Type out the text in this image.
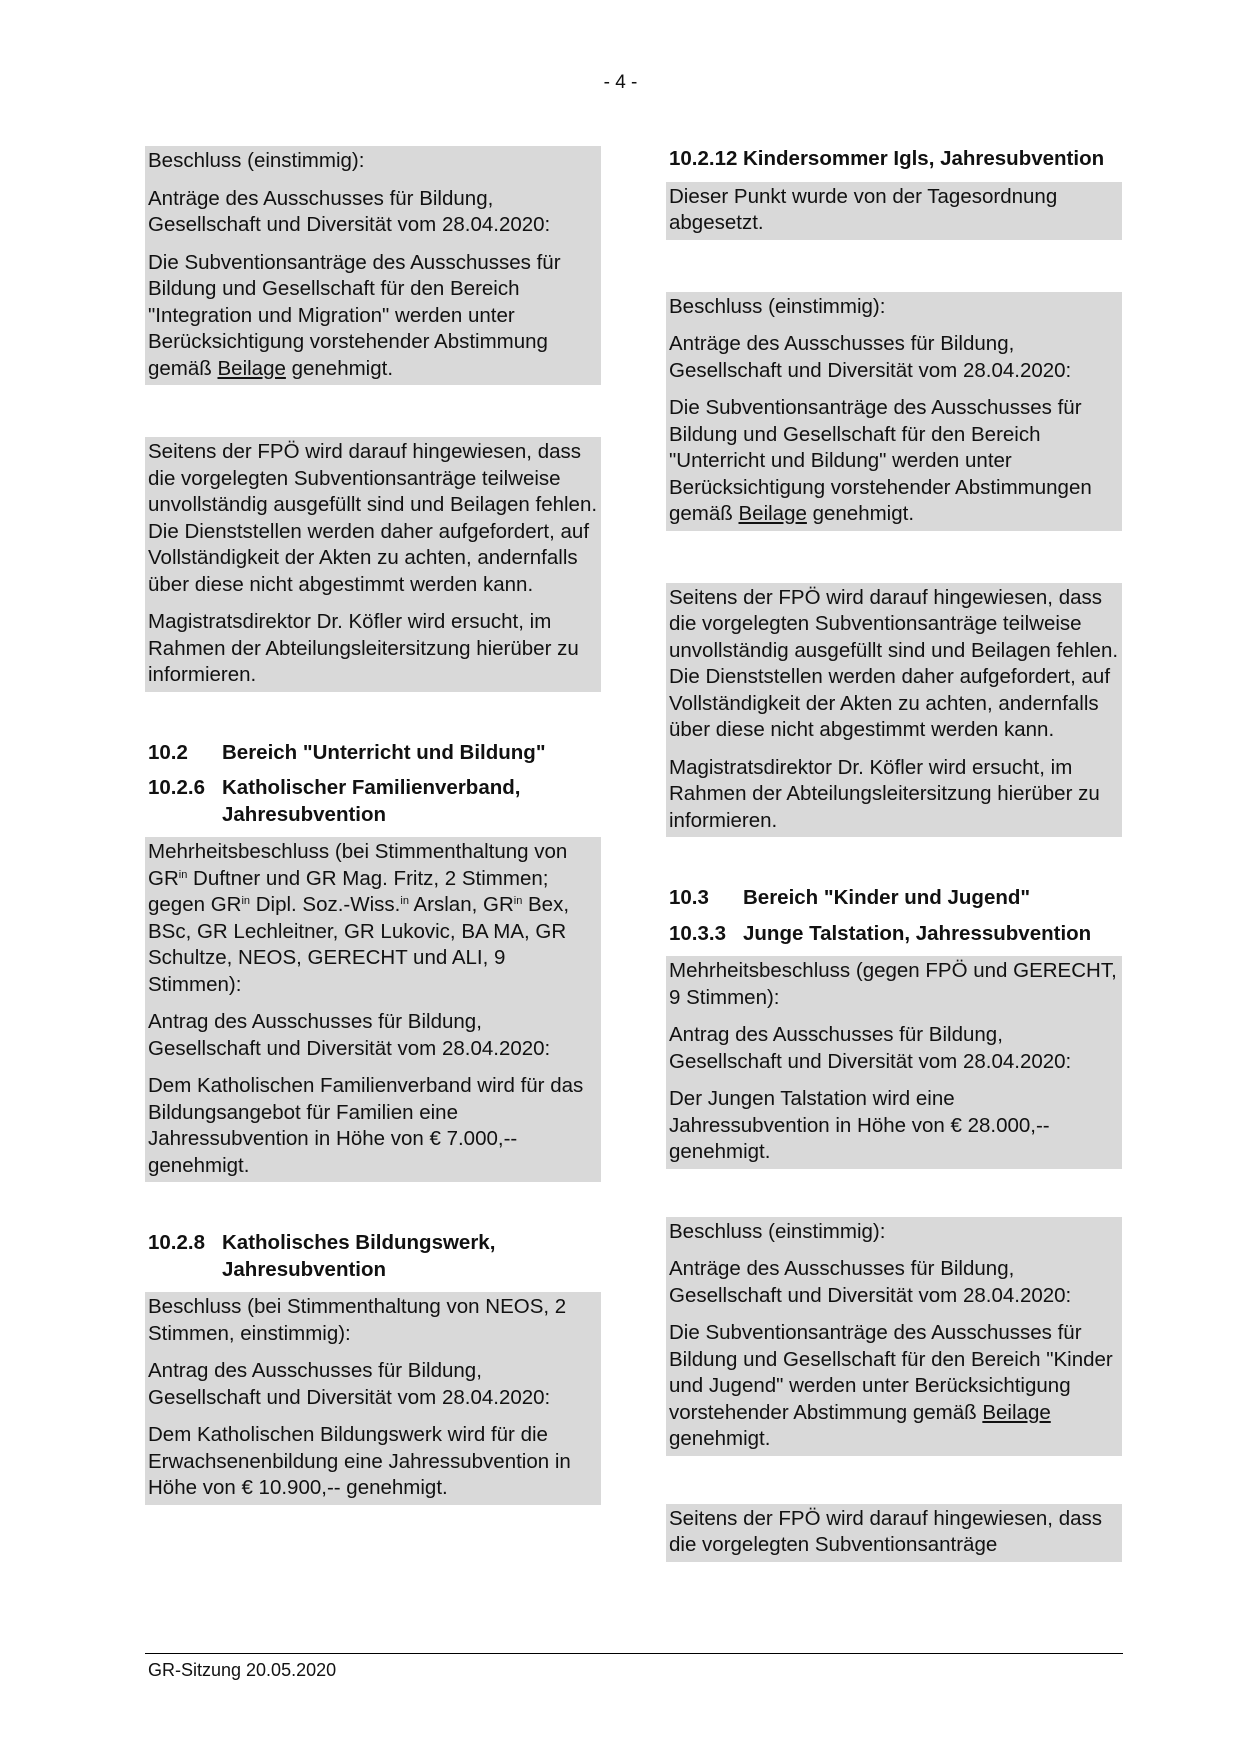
- 4 -

Beschluss (einstimmig):

Anträge des Ausschusses für Bildung, Gesellschaft und Diversität vom 28.04.2020:

Die Subventionsanträge des Ausschusses für Bildung und Gesellschaft für den Bereich "Integration und Migration" werden unter Berücksichtigung vorstehender Abstimmung gemäß Beilage genehmigt.

Seitens der FPÖ wird darauf hingewiesen, dass die vorgelegten Subventionsanträge teilweise unvollständig ausgefüllt sind und Beilagen fehlen. Die Dienststellen werden daher aufgefordert, auf Vollständigkeit der Akten zu achten, andernfalls über diese nicht abgestimmt werden kann.

Magistratsdirektor Dr. Köfler wird ersucht, im Rahmen der Abteilungsleitersitzung hierüber zu informieren.

10.2	Bereich "Unterricht und Bildung"
10.2.6 Katholischer Familienverband, Jahresubvention

Mehrheitsbeschluss (bei Stimmenthaltung von $GR^{in}$ Duftner und GR Mag. Fritz, 2 Stimmen; gegen $GR^{in}$ Dipl. Soz.-Wiss.$^{in}$ Arslan, $GR^{in}$ Bex, BSc, GR Lechleitner, GR Lukovic, BA MA, GR Schultze, NEOS, GERECHT und ALI, 9 Stimmen):

Antrag des Ausschusses für Bildung, Gesellschaft und Diversität vom 28.04.2020:

Dem Katholischen Familienverband wird für das Bildungsangebot für Familien eine Jahressubvention in Höhe von € 7.000,-- genehmigt.

10.2.8 Katholisches Bildungswerk, Jahresubvention

Beschluss (bei Stimmenthaltung von NEOS, 2 Stimmen, einstimmig):

Antrag des Ausschusses für Bildung, Gesellschaft und Diversität vom 28.04.2020:

Dem Katholischen Bildungswerk wird für die Erwachsenenbildung eine Jahressubvention in Höhe von € 10.900,-- genehmigt.

10.2.12 Kindersommer Igls, Jahresubvention

Dieser Punkt wurde von der Tagesordnung abgesetzt.

Beschluss (einstimmig):

Anträge des Ausschusses für Bildung, Gesellschaft und Diversität vom 28.04.2020:

Die Subventionsanträge des Ausschusses für Bildung und Gesellschaft für den Bereich "Unterricht und Bildung" werden unter Berücksichtigung vorstehender Abstimmungen gemäß Beilage genehmigt.

Seitens der FPÖ wird darauf hingewiesen, dass die vorgelegten Subventionsanträge teilweise unvollständig ausgefüllt sind und Beilagen fehlen. Die Dienststellen werden daher aufgefordert, auf Vollständigkeit der Akten zu achten, andernfalls über diese nicht abgestimmt werden kann.

Magistratsdirektor Dr. Köfler wird ersucht, im Rahmen der Abteilungsleitersitzung hierüber zu informieren.

10.3	Bereich "Kinder und Jugend"
10.3.3 Junge Talstation, Jahressubvention

Mehrheitsbeschluss (gegen FPÖ und GERECHT, 9 Stimmen):

Antrag des Ausschusses für Bildung, Gesellschaft und Diversität vom 28.04.2020:

Der Jungen Talstation wird eine Jahressubvention in Höhe von € 28.000,-- genehmigt.

Beschluss (einstimmig):

Anträge des Ausschusses für Bildung, Gesellschaft und Diversität vom 28.04.2020:

Die Subventionsanträge des Ausschusses für Bildung und Gesellschaft für den Bereich "Kinder und Jugend" werden unter Berücksichtigung vorstehender Abstimmung gemäß Beilage genehmigt.

Seitens der FPÖ wird darauf hingewiesen, dass die vorgelegten Subventionsanträge

GR-Sitzung 20.05.2020
